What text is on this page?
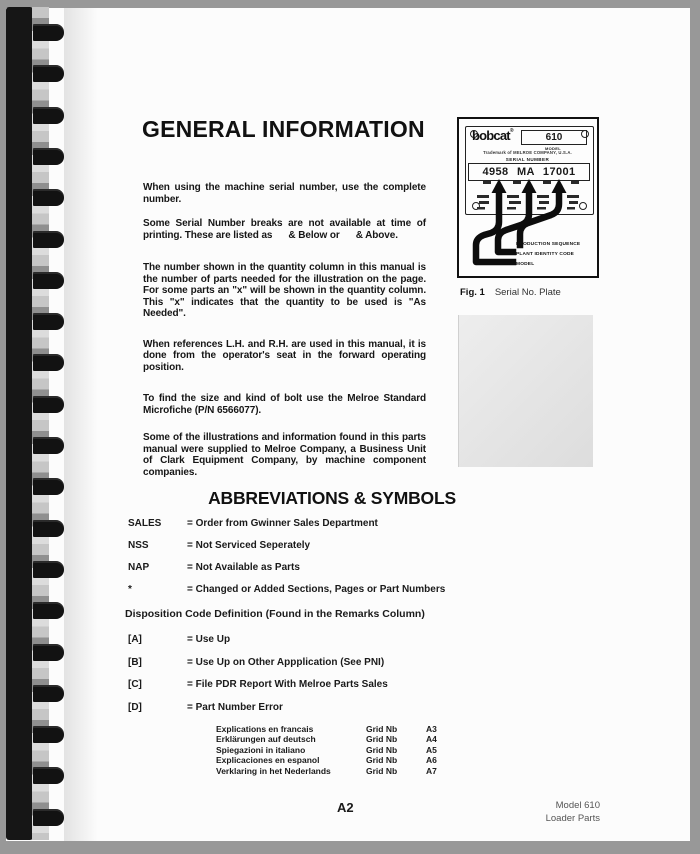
GENERAL INFORMATION

When using the machine serial number, use the complete number.

Some Serial Number breaks are not available at time of printing. These are listed as      & Below or      & Above.

The number shown in the quantity column in this manual is the number of parts needed for the illustration on the page. For some parts an "x" will be shown in the quantity column. This "x" indicates that the quantity to be used is "As Needed".

When references L.H. and R.H. are used in this manual, it is done from the operator's seat in the forward operating position.

To find the size and kind of bolt use the Melroe Standard Microfiche (P/N 6566077).

Some of the illustrations and information found in this parts manual were supplied to Melroe Company, a Business Unit of Clark Equipment Company, by machine component companies.

ABBREVIATIONS & SYMBOLS
SALES	= Order from Gwinner Sales Department
NSS	= Not Serviced Seperately
NAP	= Not Available as Parts
*	= Changed or Added Sections, Pages or Part Numbers
Disposition Code Definition (Found in the Remarks Column)
[A]	= Use Up
[B]	= Use Up on Other Appplication (See PNI)
[C]	= File PDR Report With Melroe Parts Sales
[D]	= Part Number Error
Explications en francais	Grid Nb	A3
Erklärungen auf deutsch	Grid Nb	A4
Spiegazioni in italiano	Grid Nb	A5
Explicaciones en espanol	Grid Nb	A6
Verklaring in het Nederlands	Grid Nb	A7
bobcat®
610
MODEL
Trademark of MELROE COMPANY, U.S.A.
SERIAL NUMBER
4958 MA 17001
PRODUCTION SEQUENCE
PLANT IDENTITY CODE
MODEL
Fig. 1 Serial No. Plate
A2	Model 610
Loader Parts
